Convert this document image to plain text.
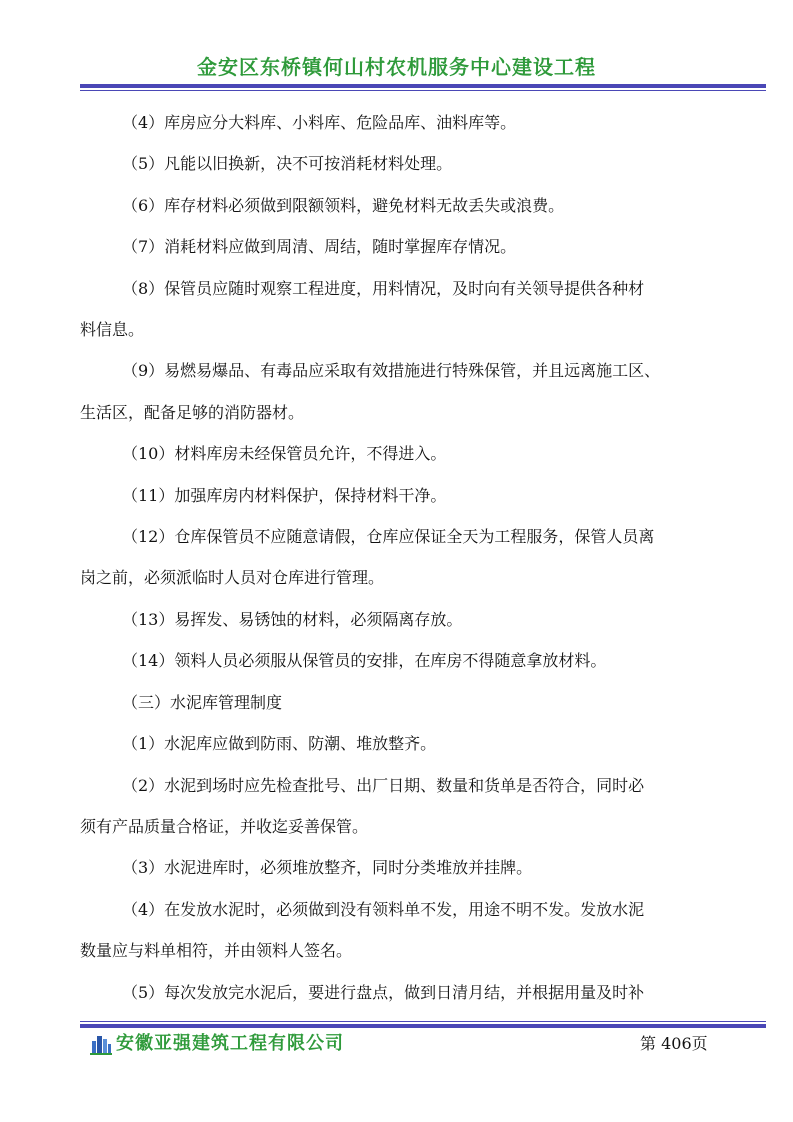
金安区东桥镇何山村农机服务中心建设工程
（4）库房应分大料库、小料库、危险品库、油料库等。
（5）凡能以旧换新，决不可按消耗材料处理。
（6）库存材料必须做到限额领料，避免材料无故丢失或浪费。
（7）消耗材料应做到周清、周结，随时掌握库存情况。
（8）保管员应随时观察工程进度，用料情况，及时向有关领导提供各种材
料信息。
（9）易燃易爆品、有毒品应采取有效措施进行特殊保管，并且远离施工区、
生活区，配备足够的消防器材。
（10）材料库房未经保管员允许，不得进入。
（11）加强库房内材料保护，保持材料干净。
（12）仓库保管员不应随意请假，仓库应保证全天为工程服务，保管人员离
岗之前，必须派临时人员对仓库进行管理。
（13）易挥发、易锈蚀的材料，必须隔离存放。
（14）领料人员必须服从保管员的安排，在库房不得随意拿放材料。
（三）水泥库管理制度
（1）水泥库应做到防雨、防潮、堆放整齐。
（2）水泥到场时应先检查批号、出厂日期、数量和货单是否符合，同时必
须有产品质量合格证，并收迄妥善保管。
（3）水泥进库时，必须堆放整齐，同时分类堆放并挂牌。
（4）在发放水泥时，必须做到没有领料单不发，用途不明不发。发放水泥
数量应与料单相符，并由领料人签名。
（5）每次发放完水泥后，要进行盘点，做到日清月结，并根据用量及时补
安徽亚强建筑工程有限公司	第 406页
